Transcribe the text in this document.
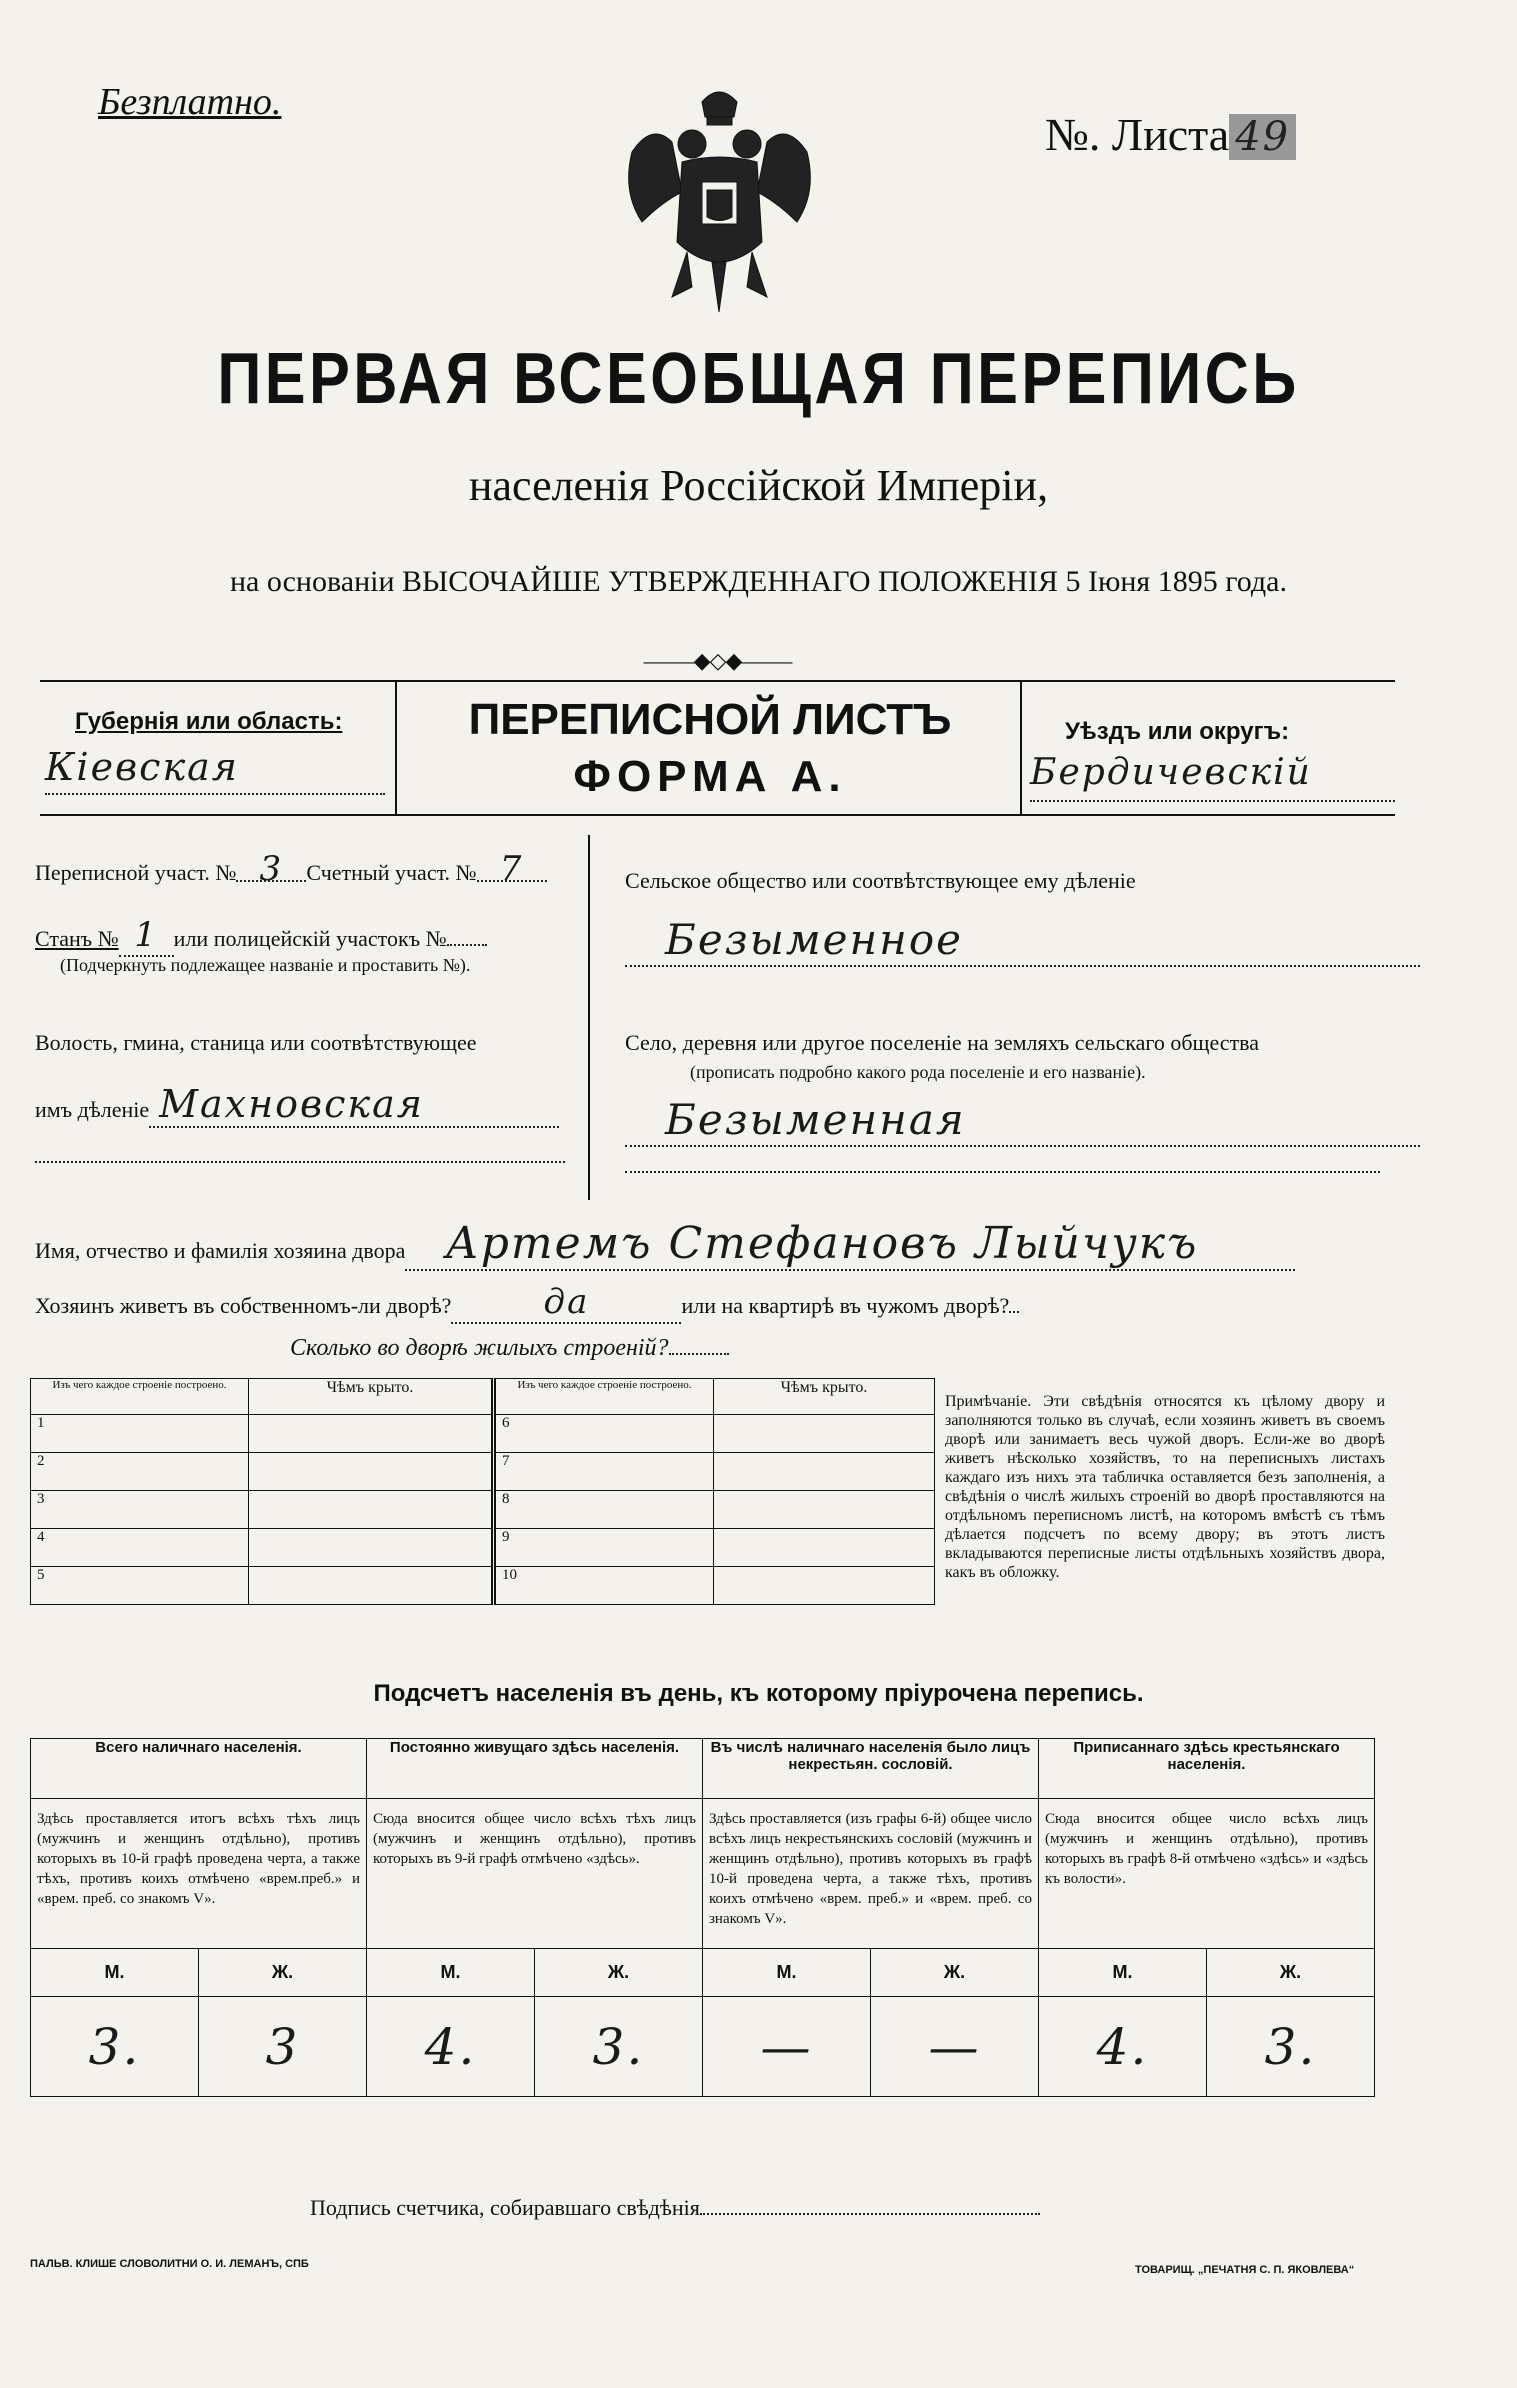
Безплатно.
№. Листа 49
ПЕРВАЯ ВСЕОБЩАЯ ПЕРЕПИСЬ
населенія Россійской Имперіи,
на основаніи ВЫСОЧАЙШЕ УТВЕРЖДЕННАГО ПОЛОЖЕНІЯ 5 Іюня 1895 года.
‒‒‒‒‒◆◇◆‒‒‒‒‒
Губернія или область:
Кіевская
ПЕРЕПИСНОЙ ЛИСТЪ
ФОРМА А.
Уѣздъ или округъ:
Бердичевскій
Переписной участ. № 3 Счетный участ. № 7
Станъ № 1 или полицейскій участокъ №
(Подчеркнуть подлежащее названіе и проставить №).
Волость, гмина, станица или соотвѣтствующее
имъ дѣленіе Махновская
Сельское общество или соотвѣтствующее ему дѣленіе
Безыменное
Село, деревня или другое поселеніе на земляхъ сельскаго общества
(прописать подробно какого рода поселеніе и его названіе).
Безыменная
Имя, отчество и фамилія хозяина двора Артемъ Стефановъ Лыйчукъ
Хозяинъ живетъ въ собственномъ-ли дворѣ?	да	или на квартирѣ въ чужомъ дворѣ?
Сколько во дворѣ жилыхъ строеній?
Изъ чего каждое строеніе построено.	Чѣмъ крыто.	Изъ чего каждое строеніе построено.	Чѣмъ крыто.
1		6	
2		7	
3		8	
4		9	
5		10	
Примѣчаніе. Эти свѣдѣнія относятся къ цѣлому двору и заполняются только въ случаѣ, если хозяинъ живетъ въ своемъ дворѣ или занимаетъ весь чужой дворъ. Если-же во дворѣ живетъ нѣсколько хозяйствъ, то на переписныхъ листахъ каждаго изъ нихъ эта табличка оставляется безъ заполненія, а свѣдѣнія о числѣ жилыхъ строеній во дворѣ проставляются на отдѣльномъ переписномъ листѣ, на которомъ вмѣстѣ съ тѣмъ дѣлается подсчетъ по всему двору; въ этотъ листъ вкладываются переписные листы отдѣльныхъ хозяйствъ двора, какъ въ обложку.
Подсчетъ населенія въ день, къ которому пріурочена перепись.
Всего наличнаго населенія.		Постоянно живущаго здѣсь населенія.		Въ числѣ наличнаго населенія было лицъ некрестьян. сословій.		Приписаннаго здѣсь крестьянскаго населенія.	
Здѣсь проставляется итогъ всѣхъ тѣхъ лицъ (мужчинъ и женщинъ отдѣльно), противъ которыхъ въ 10-й графѣ проведена черта, а также тѣхъ, противъ коихъ отмѣчено «врем.преб.» и «врем. преб. со знакомъ V».		Сюда вносится общее число всѣхъ тѣхъ лицъ (мужчинъ и женщинъ отдѣльно), противъ которыхъ въ 9-й графѣ отмѣчено «здѣсь».		Здѣсь проставляется (изъ графы 6-й) общее число всѣхъ лицъ некрестьянскихъ сословій (мужчинъ и женщинъ отдѣльно), противъ которыхъ въ графѣ 10-й проведена черта, а также тѣхъ, противъ коихъ отмѣчено «врем. преб.» и «врем. преб. со знакомъ V».		Сюда вносится общее число всѣхъ лицъ (мужчинъ и женщинъ отдѣльно), противъ которыхъ въ графѣ 8-й отмѣчено «здѣсь» и «здѣсь къ волости».	
М.	Ж.	М.	Ж.	М.	Ж.	М.	Ж.
3.	3	4.	3.	—	—	4.	3.
Подпись счетчика, собиравшаго свѣдѣнія
ПАЛЬВ. КЛИШЕ СЛОВОЛИТНИ О. И. ЛЕМАНЪ, СПБ	ТОВАРИЩ. „ПЕЧАТНЯ С. П. ЯКОВЛЕВА“
